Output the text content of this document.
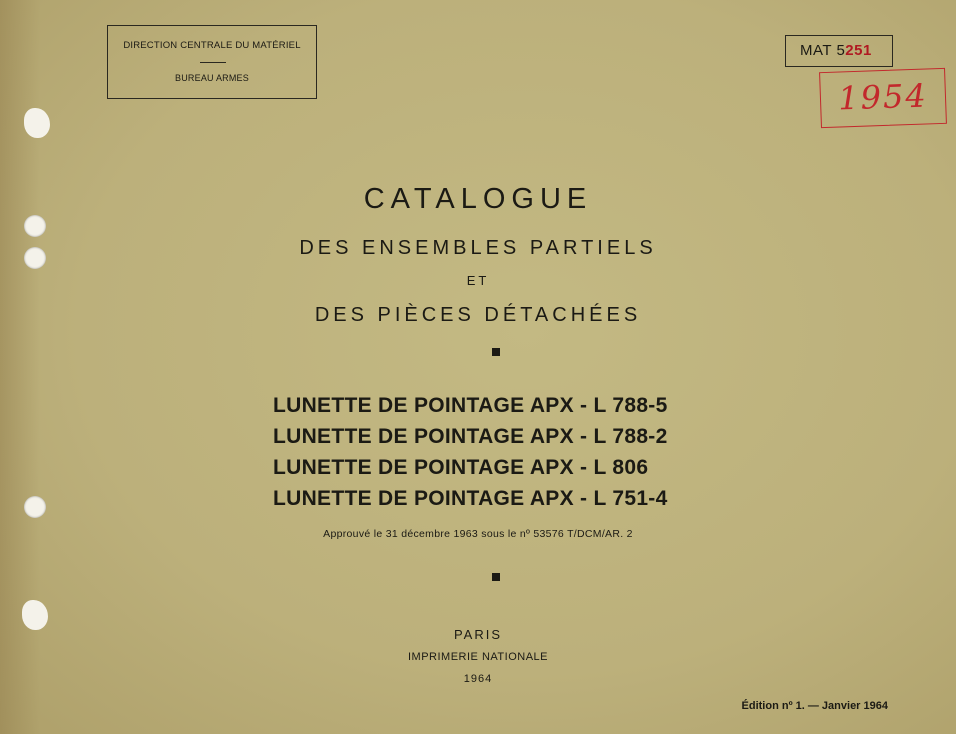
DIRECTION CENTRALE DU MATÉRIEL
BUREAU ARMES
MAT 5251
1954
CATALOGUE
DES ENSEMBLES PARTIELS
ET
DES PIÈCES DÉTACHÉES
LUNETTE DE POINTAGE APX - L 788-5
LUNETTE DE POINTAGE APX - L 788-2
LUNETTE DE POINTAGE APX - L 806
LUNETTE DE POINTAGE APX - L 751-4
Approuvé le 31 décembre 1963 sous le nº 53576 T/DCM/AR. 2
PARIS
IMPRIMERIE NATIONALE
1964
Édition nº 1. — Janvier 1964
